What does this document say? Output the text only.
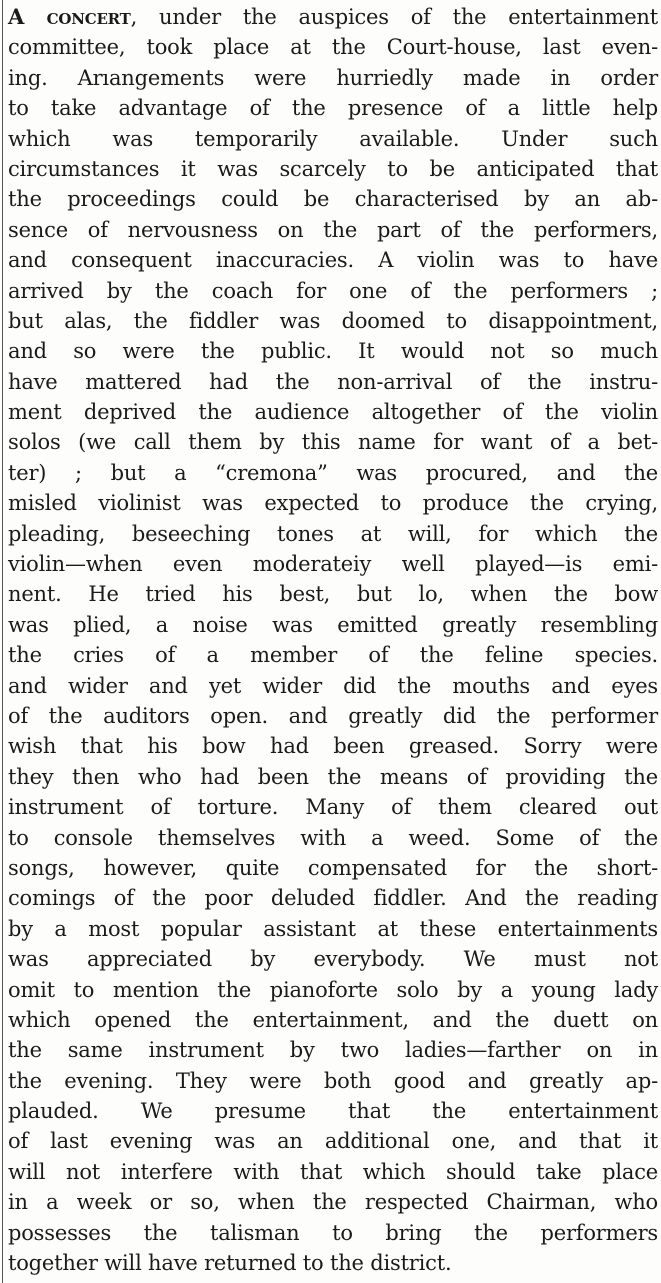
A concert, under the auspices of the entertainment
committee, took place at the Court-house, last even-
ing. Arıangements were hurriedly made in order
to take advantage of the presence of a little help
which was temporarily available. Under such
circumstances it was scarcely to be anticipated that
the proceedings could be characterised by an ab-
sence of nervousness on the part of the performers,
and consequent inaccuracies. A violin was to have
arrived by the coach for one of the performers ;
but alas, the fiddler was doomed to disappointment,
and so were the public. It would not so much
have mattered had the non-arrival of the instru-
ment deprived the audience altogether of the violin
solos (we call them by this name for want of a bet-
ter) ; but a “cremona” was procured, and the
misled violinist was expected to produce the crying,
pleading, beseeching tones at will, for which the
violin—when even moderateiy well played—is emi-
nent. He tried his best, but lo, when the bow
was plied, a noise was emitted greatly resembling
the cries of a member of the feline species.
and wider and yet wider did the mouths and eyes
of the auditors open. and greatly did the performer
wish that his bow had been greased. Sorry were
they then who had been the means of providing the
instrument of torture. Many of them cleared out
to console themselves with a weed. Some of the
songs, however, quite compensated for the short-
comings of the poor deluded fiddler. And the reading
by a most popular assistant at these entertainments
was appreciated by everybody. We must not
omit to mention the pianoforte solo by a young lady
which opened the entertainment, and the duett on
the same instrument by two ladies—farther on in
the evening. They were both good and greatly ap-
plauded. We presume that the entertainment
of last evening was an additional one, and that it
will not interfere with that which should take place
in a week or so, when the respected Chairman, who
possesses the talisman to bring the performers
together will have returned to the district.
